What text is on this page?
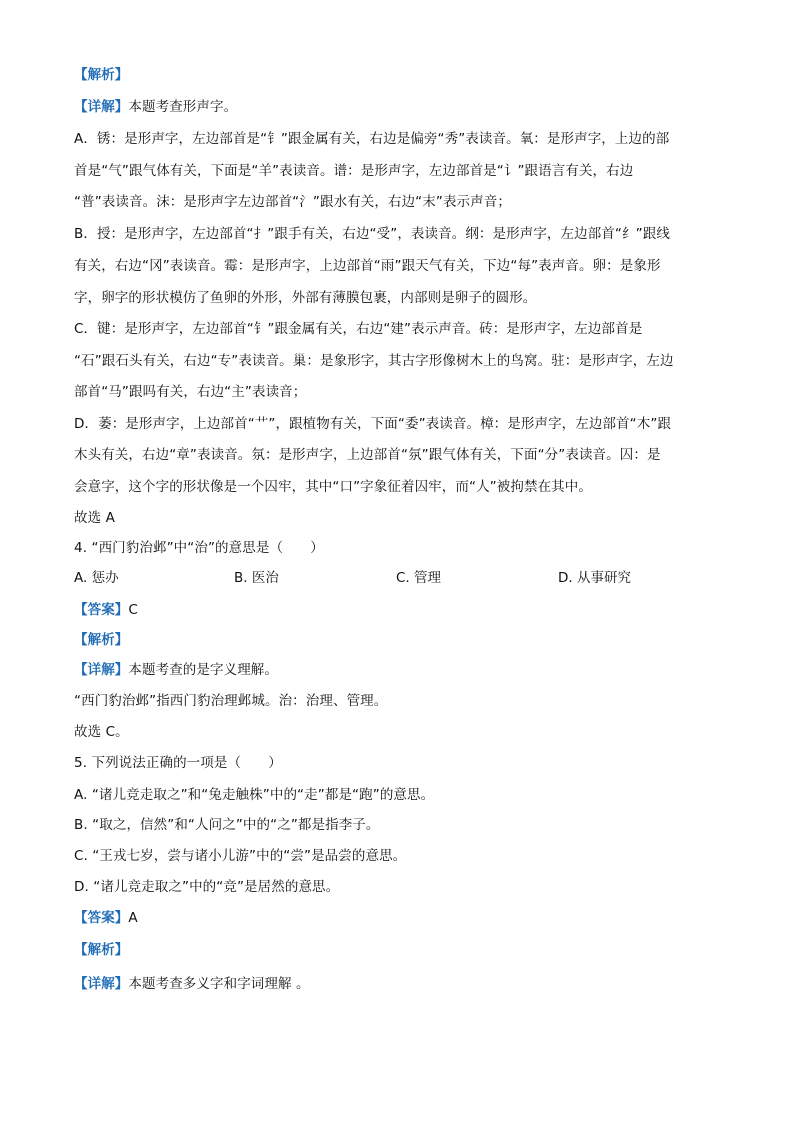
【解析】
【详解】本题考查形声字。
A．锈：是形声字，左边部首是“钅”跟金属有关，右边是偏旁“秀”表读音。氧：是形声字，上边的部
首是“气”跟气体有关，下面是“羊”表读音。谱：是形声字，左边部首是“讠”跟语言有关，右边
“普”表读音。沫：是形声字左边部首“氵”跟水有关，右边“末”表示声音；
B．授：是形声字，左边部首“扌”跟手有关，右边“受”，表读音。纲：是形声字，左边部首“纟”跟线
有关，右边“冈”表读音。霉：是形声字，上边部首“雨”跟天气有关，下边“每”表声音。卵：是象形
字，卵字的形状模仿了鱼卵的外形，外部有薄膜包裹，内部则是卵子的圆形。
C．键：是形声字，左边部首“钅”跟金属有关，右边“建”表示声音。砖：是形声字，左边部首是
“石”跟石头有关，右边“专”表读音。巢：是象形字，其古字形像树木上的鸟窝。驻：是形声字，左边
部首“马”跟吗有关，右边“主”表读音；
D．萎：是形声字，上边部首“艹”，跟植物有关，下面“委”表读音。樟：是形声字，左边部首“木”跟
木头有关，右边“章”表读音。氛：是形声字，上边部首“氛”跟气体有关，下面“分”表读音。囚：是
会意字，这个字的形状像是一个囚牢，其中“口”字象征着囚牢，而“人”被拘禁在其中。
故选 A
4. “西门豹治邺”中“治”的意思是（　　）
A. 惩办	B. 医治	C. 管理	D. 从事研究
【答案】C
【解析】
【详解】本题考查的是字义理解。
“西门豹治邺”指西门豹治理邺城。治：治理、管理。
故选 C。
5. 下列说法正确的一项是（　　）
A. “诸儿竞走取之”和“兔走触株”中的“走”都是“跑”的意思。
B. “取之，信然”和“人问之”中的“之”都是指李子。
C. “王戎七岁，尝与诸小儿游”中的“尝”是品尝的意思。
D. “诸儿竞走取之”中的“竞”是居然的意思。
【答案】A
【解析】
【详解】本题考查多义字和字词理解 。
